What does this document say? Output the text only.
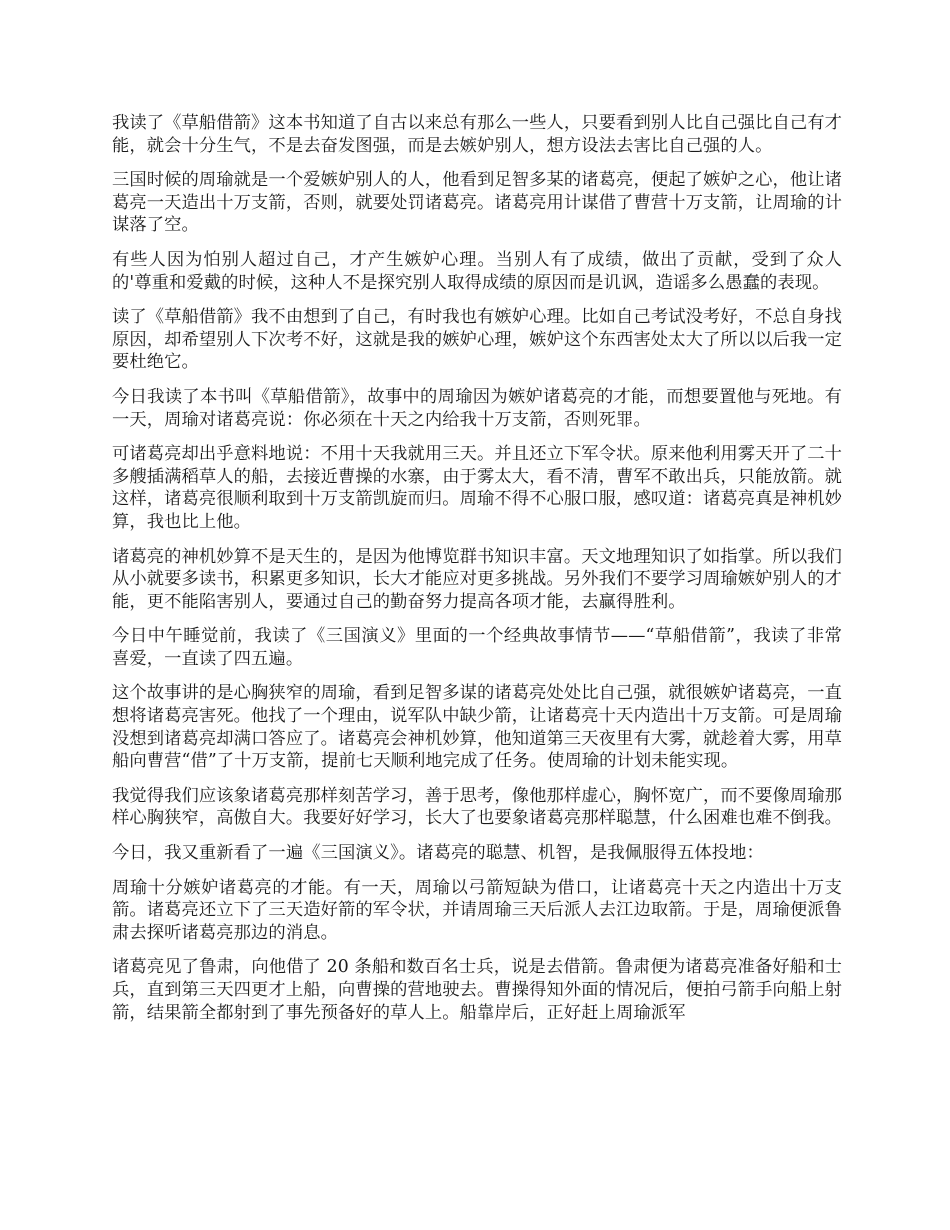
我读了《草船借箭》这本书知道了自古以来总有那么一些人，只要看到别人比自己强比自己有才能，就会十分生气，不是去奋发图强，而是去嫉妒别人，想方设法去害比自己强的人。

三国时候的周瑜就是一个爱嫉妒别人的人，他看到足智多某的诸葛亮，便起了嫉妒之心，他让诸葛亮一天造出十万支箭，否则，就要处罚诸葛亮。诸葛亮用计谋借了曹营十万支箭，让周瑜的计谋落了空。

有些人因为怕别人超过自己，才产生嫉妒心理。当别人有了成绩，做出了贡献，受到了众人的'尊重和爱戴的时候，这种人不是探究别人取得成绩的原因而是讥讽，造谣多么愚蠢的表现。

读了《草船借箭》我不由想到了自己，有时我也有嫉妒心理。比如自己考试没考好，不总自身找原因，却希望别人下次考不好，这就是我的嫉妒心理，嫉妒这个东西害处太大了所以以后我一定要杜绝它。

今日我读了本书叫《草船借箭》，故事中的周瑜因为嫉妒诸葛亮的才能，而想要置他与死地。有一天，周瑜对诸葛亮说：你必须在十天之内给我十万支箭，否则死罪。

可诸葛亮却出乎意料地说：不用十天我就用三天。并且还立下军令状。原来他利用雾天开了二十多艘插满稻草人的船，去接近曹操的水寨，由于雾太大，看不清，曹军不敢出兵，只能放箭。就这样，诸葛亮很顺利取到十万支箭凯旋而归。周瑜不得不心服口服，感叹道：诸葛亮真是神机妙算，我也比上他。

诸葛亮的神机妙算不是天生的，是因为他博览群书知识丰富。天文地理知识了如指掌。所以我们从小就要多读书，积累更多知识，长大才能应对更多挑战。另外我们不要学习周瑜嫉妒别人的才能，更不能陷害别人，要通过自己的勤奋努力提高各项才能，去赢得胜利。

今日中午睡觉前，我读了《三国演义》里面的一个经典故事情节——“草船借箭”，我读了非常喜爱，一直读了四五遍。

这个故事讲的是心胸狭窄的周瑜，看到足智多谋的诸葛亮处处比自己强，就很嫉妒诸葛亮，一直想将诸葛亮害死。他找了一个理由，说军队中缺少箭，让诸葛亮十天内造出十万支箭。可是周瑜没想到诸葛亮却满口答应了。诸葛亮会神机妙算，他知道第三天夜里有大雾，就趁着大雾，用草船向曹营“借”了十万支箭，提前七天顺利地完成了任务。使周瑜的计划未能实现。

我觉得我们应该象诸葛亮那样刻苦学习，善于思考，像他那样虚心，胸怀宽广，而不要像周瑜那样心胸狭窄，高傲自大。我要好好学习，长大了也要象诸葛亮那样聪慧，什么困难也难不倒我。

今日，我又重新看了一遍《三国演义》。诸葛亮的聪慧、机智，是我佩服得五体投地：

周瑜十分嫉妒诸葛亮的才能。有一天，周瑜以弓箭短缺为借口，让诸葛亮十天之内造出十万支箭。诸葛亮还立下了三天造好箭的军令状，并请周瑜三天后派人去江边取箭。于是，周瑜便派鲁肃去探听诸葛亮那边的消息。

诸葛亮见了鲁肃，向他借了 20 条船和数百名士兵，说是去借箭。鲁肃便为诸葛亮准备好船和士兵，直到第三天四更才上船，向曹操的营地驶去。曹操得知外面的情况后，便拍弓箭手向船上射箭，结果箭全都射到了事先预备好的草人上。船靠岸后，正好赶上周瑜派军
